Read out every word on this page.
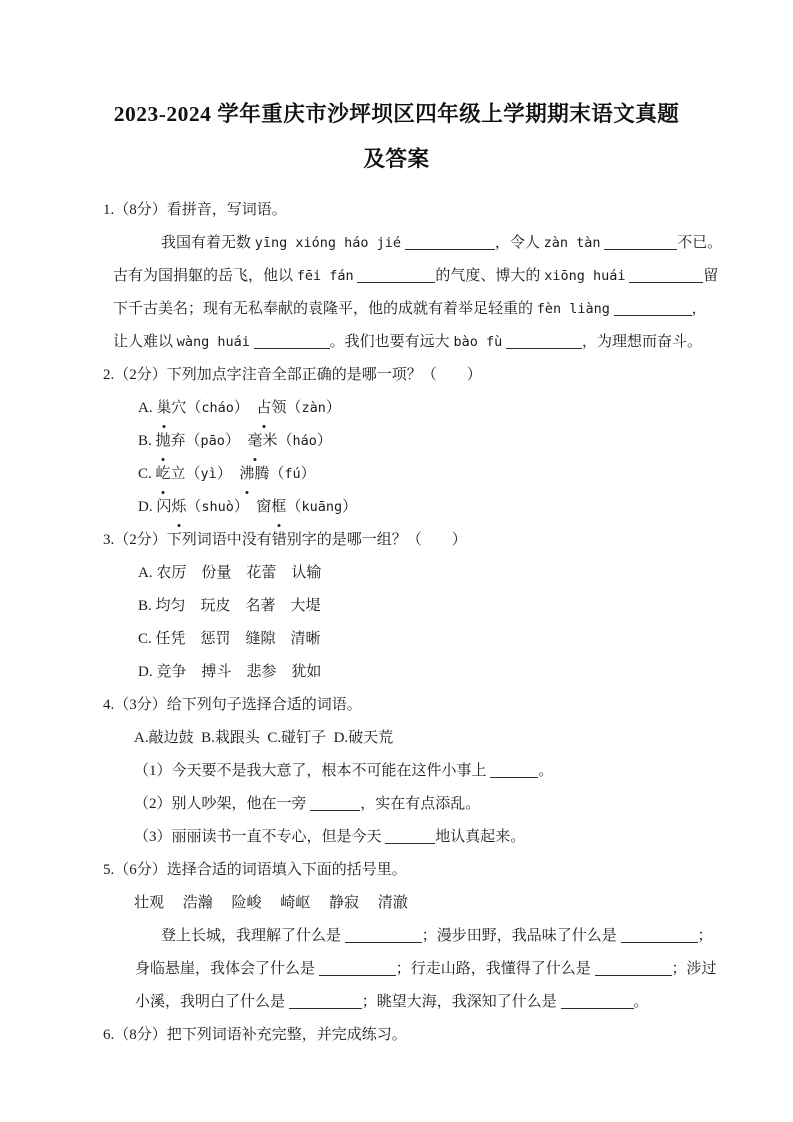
2023-2024 学年重庆市沙坪坝区四年级上学期期末语文真题
及答案
1.（8分）看拼音，写词语。
我国有着无数 yīng xióng háo jié	，令人 zàn tàn	不已。
古有为国捐躯的岳飞，他以 fēi fán	的气度、博大的 xiōng huái	留
下千古美名；现有无私奉献的袁隆平，他的成就有着举足轻重的 fèn liàng	，
让人难以 wàng huái	。我们也要有远大 bào fù	，为理想而奋斗。
2.（2分）下列加点字注音全部正确的是哪一项？（　　）
A. 巢穴（cháo）　占领（zàn）
B. 抛弃（pāo）　毫米（háo）
C. 屹立（yì）　沸腾（fú）
D. 闪烁（shuò）　窗框（kuāng）
3.（2分）下列词语中没有错别字的是哪一组？（　　）
A. 农厉　份量　花蕾　认输
B. 均匀　玩皮　名著　大堤
C. 任凭　惩罚　缝隙　清晰
D. 竞争　搏斗　悲参　犹如
4.（3分）给下列句子选择合适的词语。
A.敲边鼓  B.栽跟头  C.碰钉子  D.破天荒
（1）今天要不是我大意了，根本不可能在这件小事上	。
（2）别人吵架，他在一旁	，实在有点添乱。
（3）丽丽读书一直不专心，但是今天	地认真起来。
5.（6分）选择合适的词语填入下面的括号里。
壮观　 浩瀚　 险峻　 崎岖　 静寂　 清澈
登上长城，我理解了什么是	；漫步田野，我品味了什么是	；
身临悬崖，我体会了什么是	；行走山路，我懂得了什么是	；涉过
小溪，我明白了什么是	；眺望大海，我深知了什么是	。
6.（8分）把下列词语补充完整，并完成练习。
